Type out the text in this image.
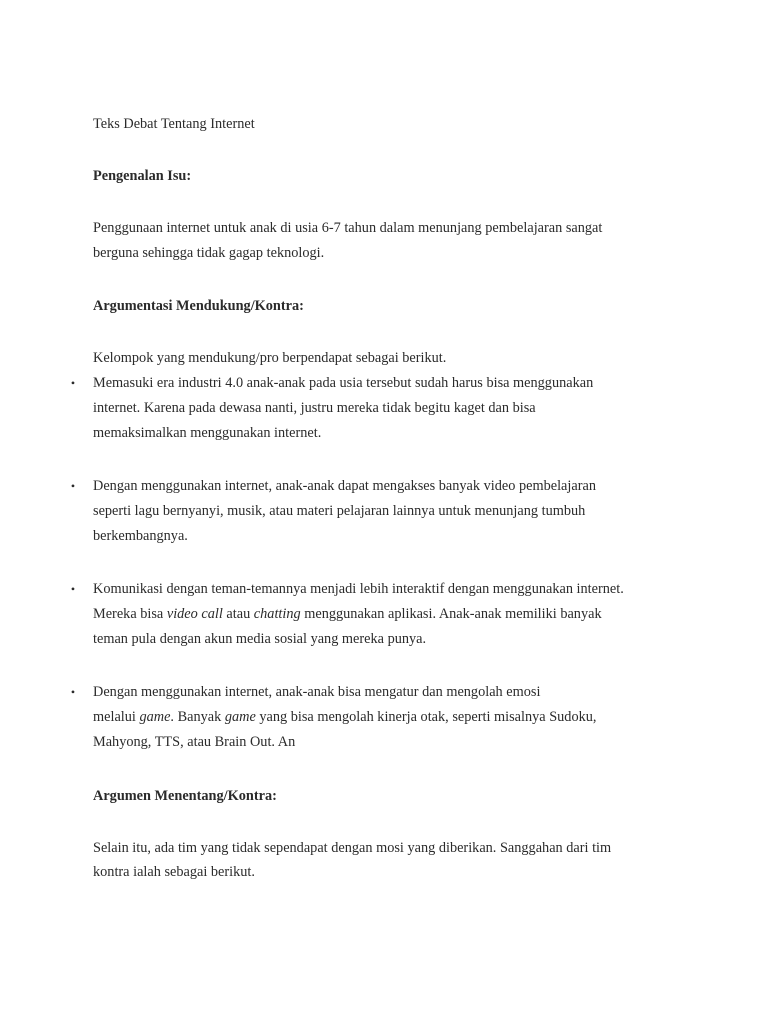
Teks Debat Tentang Internet
Pengenalan Isu:
Penggunaan internet untuk anak di usia 6-7 tahun dalam menunjang pembelajaran sangat
berguna sehingga tidak gagap teknologi.
Argumentasi Mendukung/Kontra:
Kelompok yang mendukung/pro berpendapat sebagai berikut.
• Memasuki era industri 4.0 anak-anak pada usia tersebut sudah harus bisa menggunakan
internet. Karena pada dewasa nanti, justru mereka tidak begitu kaget dan bisa
memaksimalkan menggunakan internet.
• Dengan menggunakan internet, anak-anak dapat mengakses banyak video pembelajaran
seperti lagu bernyanyi, musik, atau materi pelajaran lainnya untuk menunjang tumbuh
berkembangnya.
• Komunikasi dengan teman-temannya menjadi lebih interaktif dengan menggunakan internet.
Mereka bisa video call atau chatting menggunakan aplikasi. Anak-anak memiliki banyak
teman pula dengan akun media sosial yang mereka punya.
• Dengan menggunakan internet, anak-anak bisa mengatur dan mengolah emosi
melalui game. Banyak game yang bisa mengolah kinerja otak, seperti misalnya Sudoku,
Mahyong, TTS, atau Brain Out. An
Argumen Menentang/Kontra:
Selain itu, ada tim yang tidak sependapat dengan mosi yang diberikan. Sanggahan dari tim
kontra ialah sebagai berikut.
